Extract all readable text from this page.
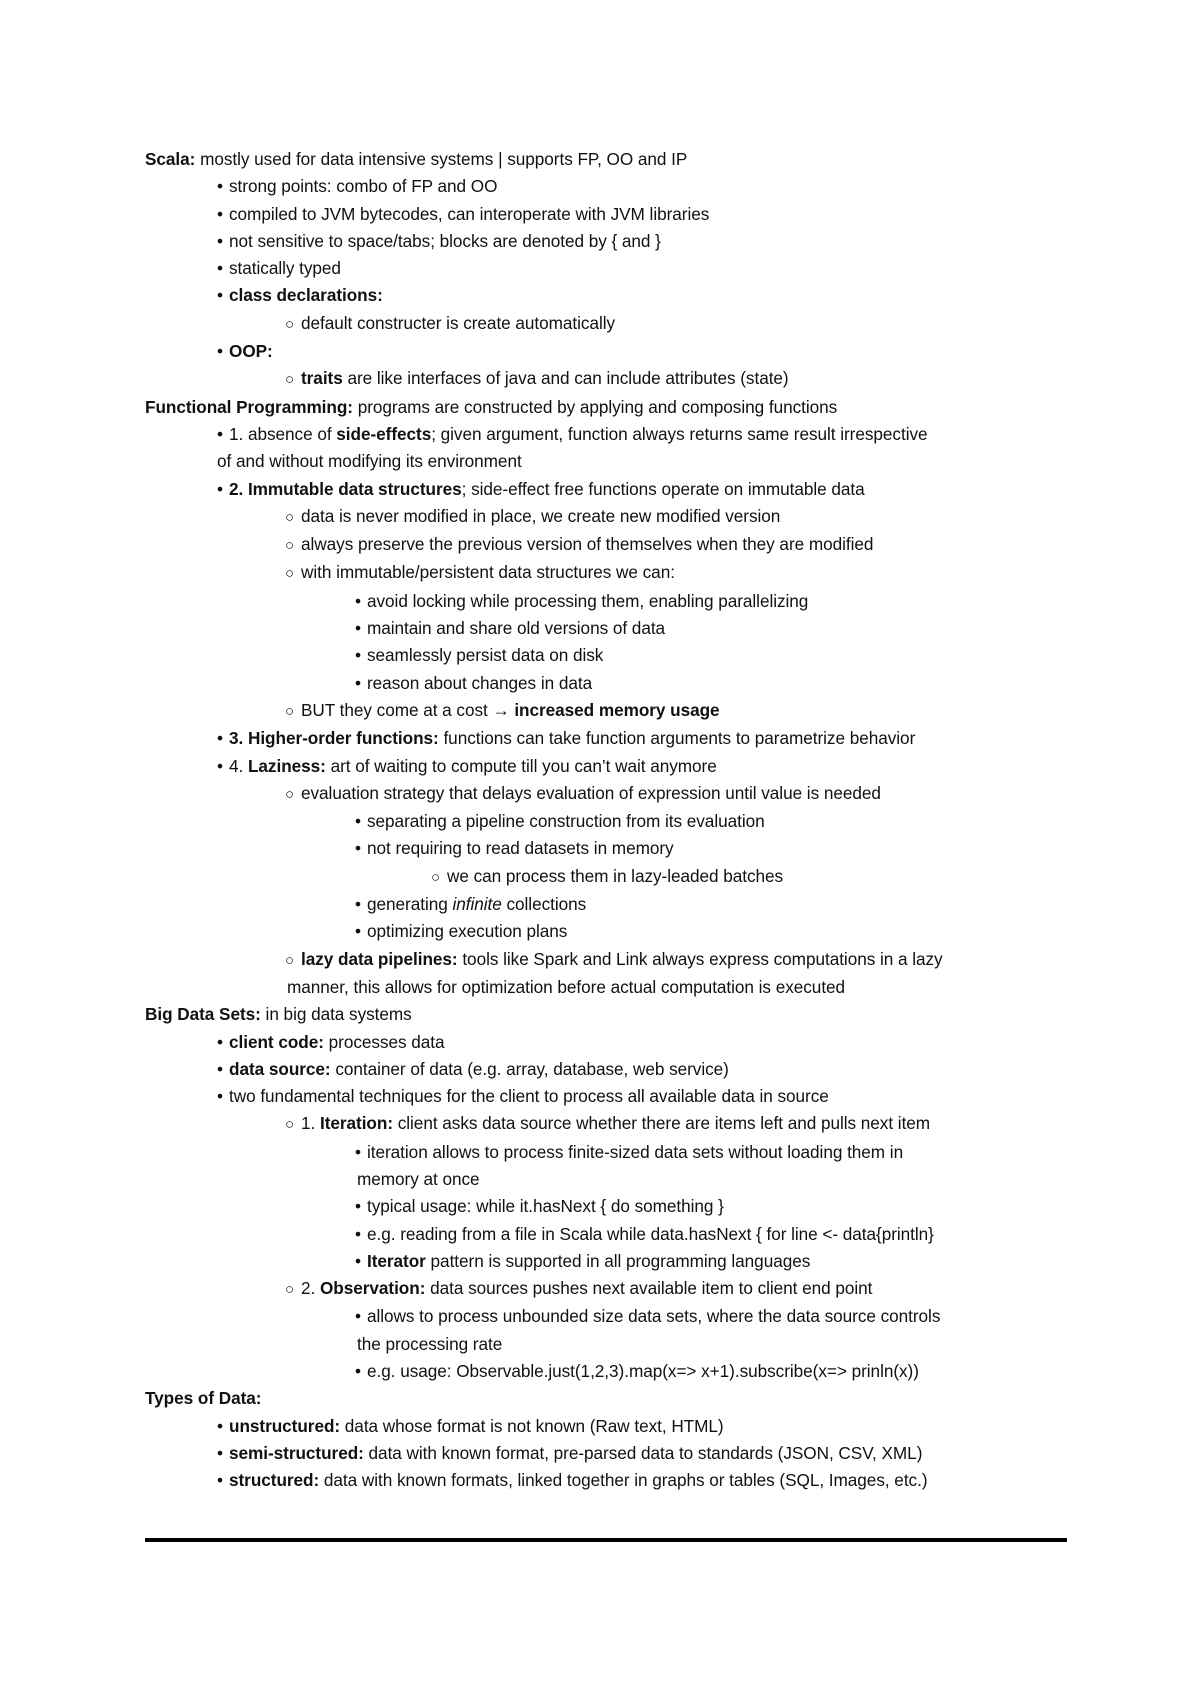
Scala: mostly used for data intensive systems | supports FP, OO and IP
• strong points: combo of FP and OO
• compiled to JVM bytecodes, can interoperate with JVM libraries
• not sensitive to space/tabs; blocks are denoted by { and }
• statically typed
• class declarations:
○ default constructer is create automatically
• OOP:
○ traits are like interfaces of java and can include attributes (state)
Functional Programming: programs are constructed by applying and composing functions
• 1. absence of side-effects; given argument, function always returns same result irrespective
of and without modifying its environment
• 2. Immutable data structures; side-effect free functions operate on immutable data
○ data is never modified in place, we create new modified version
○ always preserve the previous version of themselves when they are modified
○ with immutable/persistent data structures we can:
• avoid locking while processing them, enabling parallelizing
• maintain and share old versions of data
• seamlessly persist data on disk
• reason about changes in data
○ BUT they come at a cost → increased memory usage
• 3. Higher-order functions: functions can take function arguments to parametrize behavior
• 4. Laziness: art of waiting to compute till you can’t wait anymore
○ evaluation strategy that delays evaluation of expression until value is needed
• separating a pipeline construction from its evaluation
• not requiring to read datasets in memory
○ we can process them in lazy-leaded batches
• generating infinite collections
• optimizing execution plans
○ lazy data pipelines: tools like Spark and Link always express computations in a lazy
manner, this allows for optimization before actual computation is executed
Big Data Sets: in big data systems
• client code: processes data
• data source: container of data (e.g. array, database, web service)
• two fundamental techniques for the client to process all available data in source
○ 1. Iteration: client asks data source whether there are items left and pulls next item
• iteration allows to process finite-sized data sets without loading them in
memory at once
• typical usage: while it.hasNext { do something }
• e.g. reading from a file in Scala while data.hasNext { for line <- data{println}
• Iterator pattern is supported in all programming languages
○ 2. Observation: data sources pushes next available item to client end point
• allows to process unbounded size data sets, where the data source controls
the processing rate
• e.g. usage: Observable.just(1,2,3).map(x=> x+1).subscribe(x=> prinln(x))
Types of Data:
• unstructured: data whose format is not known (Raw text, HTML)
• semi-structured: data with known format, pre-parsed data to standards (JSON, CSV, XML)
• structured: data with known formats, linked together in graphs or tables (SQL, Images, etc.)
